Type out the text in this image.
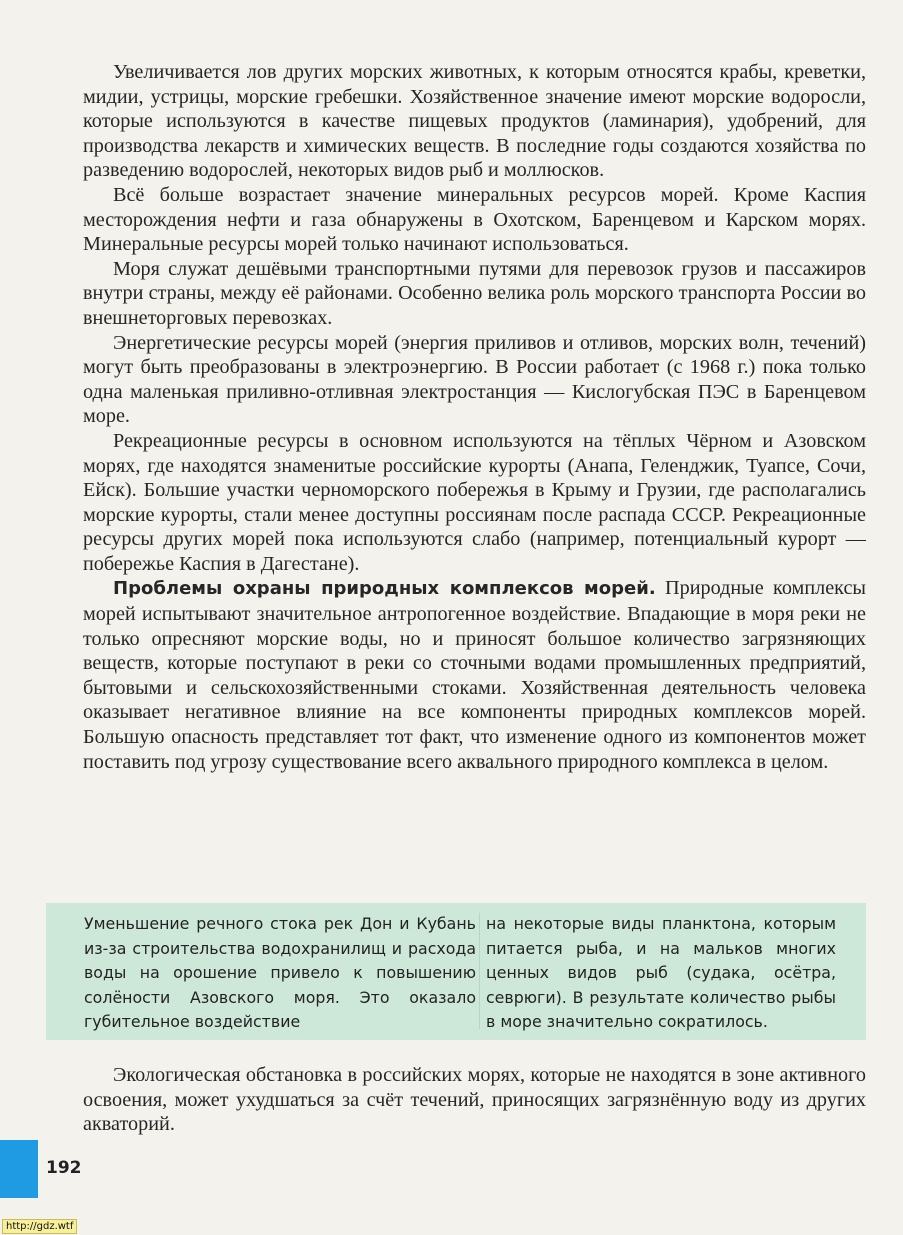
Увеличивается лов других морских животных, к которым относятся крабы, креветки, мидии, устрицы, морские гребешки. Хозяйственное значение имеют морские водоросли, которые используются в качестве пищевых продуктов (ламинария), удобрений, для производства лекарств и химических веществ. В последние годы создаются хозяйства по разведению водорослей, некоторых видов рыб и моллюсков.

Всё больше возрастает значение минеральных ресурсов морей. Кроме Каспия месторождения нефти и газа обнаружены в Охотском, Баренцевом и Карском морях. Минеральные ресурсы морей только начинают использоваться.

Моря служат дешёвыми транспортными путями для перевозок грузов и пассажиров внутри страны, между её районами. Особенно велика роль морского транспорта России во внешнеторговых перевозках.

Энергетические ресурсы морей (энергия приливов и отливов, морских волн, течений) могут быть преобразованы в электроэнергию. В России работает (с 1968 г.) пока только одна маленькая приливно-отливная электростанция — Кислогубская ПЭС в Баренцевом море.

Рекреационные ресурсы в основном используются на тёплых Чёрном и Азовском морях, где находятся знаменитые российские курорты (Анапа, Геленджик, Туапсе, Сочи, Ейск). Большие участки черноморского побережья в Крыму и Грузии, где располагались морские курорты, стали менее доступны россиянам после распада СССР. Рекреационные ресурсы других морей пока используются слабо (например, потенциальный курорт — побережье Каспия в Дагестане).

Проблемы охраны природных комплексов морей. Природные комплексы морей испытывают значительное антропогенное воздействие. Впадающие в моря реки не только опресняют морские воды, но и приносят большое количество загрязняющих веществ, которые поступают в реки со сточными водами промышленных предприятий, бытовыми и сельскохозяйственными стоками. Хозяйственная деятельность человека оказывает негативное влияние на все компоненты природных комплексов морей. Большую опасность представляет тот факт, что изменение одного из компонентов может поставить под угрозу существование всего аквального природного комплекса в целом.

Уменьшение речного стока рек Дон и Кубань из-за строительства водохранилищ и расхода воды на орошение привело к повышению солёности Азовского моря. Это оказало губительное воздействие
на некоторые виды планктона, которым питается рыба, и на мальков многих ценных видов рыб (судака, осётра, севрюги). В результате количество рыбы в море значительно сократилось.

Экологическая обстановка в российских морях, которые не находятся в зоне активного освоения, может ухудшаться за счёт течений, приносящих загрязнённую воду из других акваторий.

192
http://gdz.wtf
